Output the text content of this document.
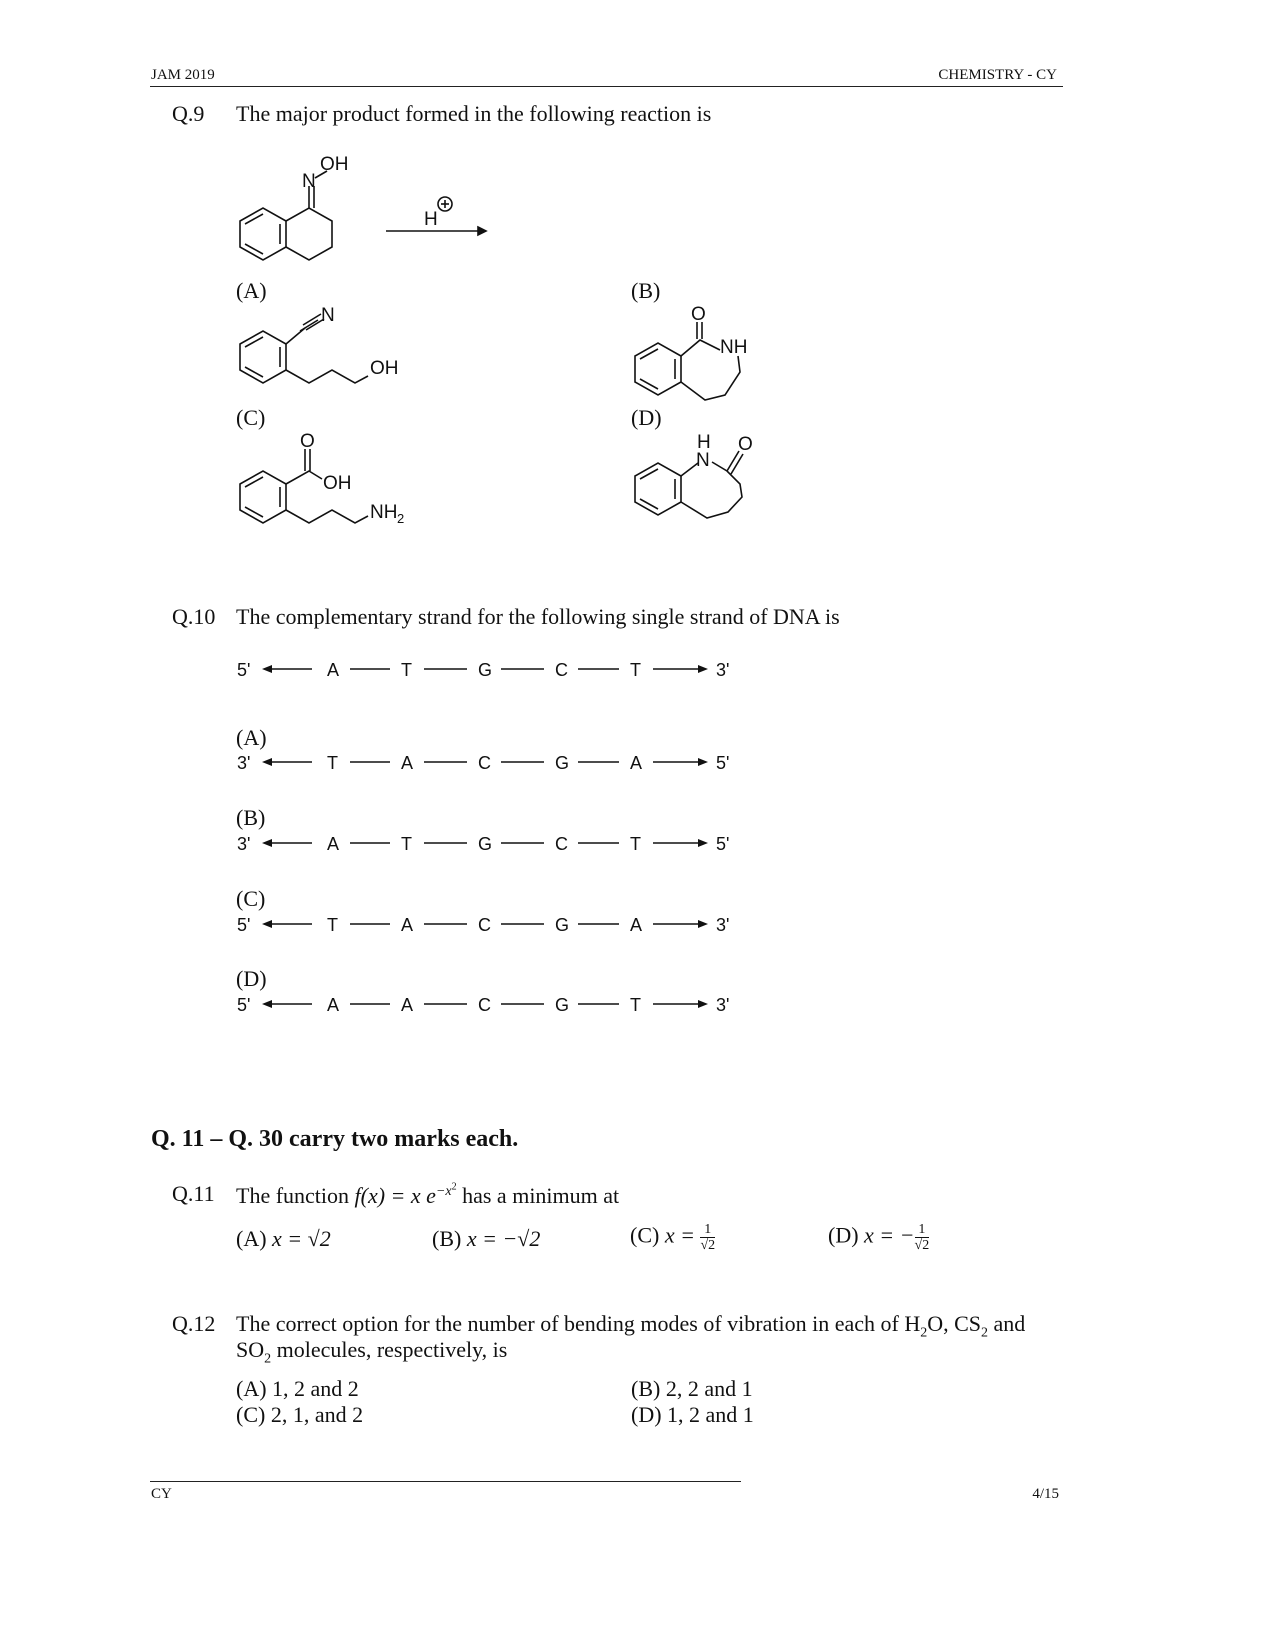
JAM 2019	CHEMISTRY - CY
Q.9 The major product formed in the following reaction is
OH
N
H
N
OH
O
NH
O
OH
NH 2
H
N
O
(A)	(B)
(C)	(D)
Q.10 The complementary strand for the following single strand of DNA is
5'	A	T	G	C	T	3'
3'	T	A	C	G	A	5'
3'	A	T	G	C	T	5'
5'	T	A	C	G	A	3'
5'	A	A	C	G	T	3'
(A)
(B)
(C)
(D)
Q. 11 – Q. 30 carry two marks each.
Q.11 The function f(x) = x $e^{-x^2}$ has a minimum at
(A) x = √2	(B) x = −√2	(C) $x = \frac{1}{√2}$	(D) x = − $\frac{1}{√2}$
Q.12 The correct option for the number of bending modes of vibration in each of $H_2O$, $CS_2$ and
$SO_2$ molecules, respectively, is
(A) 1, 2 and 2	(B) 2, 2 and 1
(C) 2, 1, and 2	(D) 1, 2 and 1
CY	4/15
